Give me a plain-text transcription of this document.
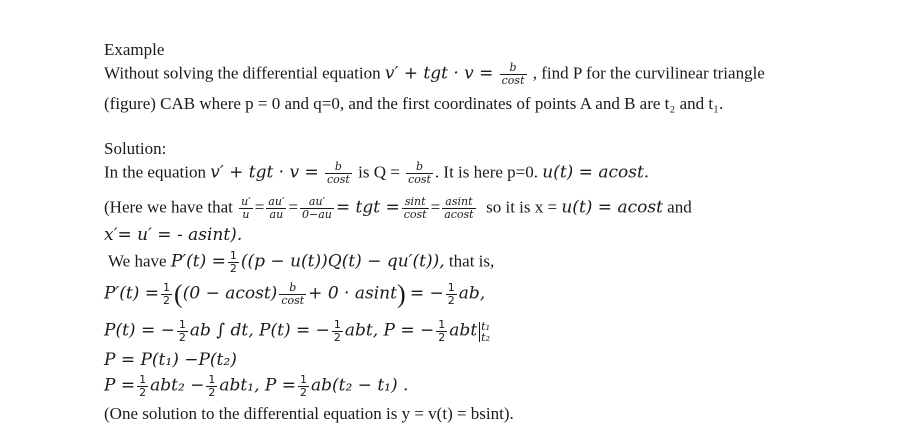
Example
Without solving the differential equation v′ + tgt · $v = \frac{b}{\cos t}$ , find P for the curvilinear triangle
(figure) CAB where p = 0 and q=0, and the first coordinates of points A and B are t₂ and t₁.
Solution:
In the equation v′ + tgt · $v = \frac{b}{\cos t}$ is $Q = \frac{b}{\cos t}$ . It is here p=0. u(t) = acost.
(Here we have that $\frac{u'}{u} = \frac{au'}{au} = \frac{au'}{0-au}$ = tgt = $\frac{\sin t}{\cos t} = \frac{asint}{acost}$ so it is x = u(t) = acost and
x′= u′ = - asint).
We have $P'(t) = \frac{1}{2} ((p - u(t))Q(t) - qu'(t))$, that is,
$P'(t) = \frac{1}{2} ((0 - acost) \frac{b}{\cos t} + 0 \cdot asint)$ = − $\frac{1}{2}$ ab,
P(t) = − $\frac{1}{2}$ ab ∫ dt, P(t) = − $\frac{1}{2}$ abt, P = − $\frac{1}{2}$ abt t₁
t₂
P = P(t₁) −P(t₂)
$P = \frac{1}{2} abt_2 - \frac{1}{2} abt_1$, $P = \frac{1}{2} ab(t_2 - t_1)$ .
(One solution to the differential equation is y = v(t) = bsint).
